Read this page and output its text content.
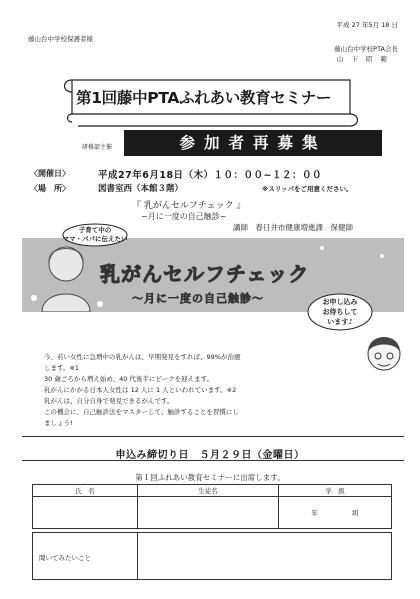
平成 27 年5月 18 日
藤山台中学校保護者様
藤山台中学校PTA会長
山 下 昭 範
第1回藤中PTAふれあい教育セミナー
研修部主催	参加者再募集
〈開催日〉	平成27年6月18日（木）１０：００~１２：００
〈場　所〉	図書室西（本館３階）	※スリッパをご用意ください。
『 乳がんセルフチェック 』
~月に一度の自己触診~
講師　春日井市健康増進課　保健師
子育て中の
ママ・パパに伝えたい
乳がんセルフチェック
～月に一度の自己触診～	お申し込み
お待ちして
います♪

今、若い女性に急増中の乳がんは、早期発見をすれば、99%が治癒

します。※1

30 歳ごろから増え始め、40 代後半にピークを迎えます。

乳がんにかかる日本人女性は 12 人に 1 人といわれています。※2

乳がんは、自分自身で発見できるがんです。

この機会に、自己触診法をマスターして、触診することを習慣にし

ましょう!

申込み締切り日　５月２９日（金曜日）
第１回ふれあい教育セミナーに出席します。
氏　名	生徒名	学　級
		年 組
聞いてみたいこと
